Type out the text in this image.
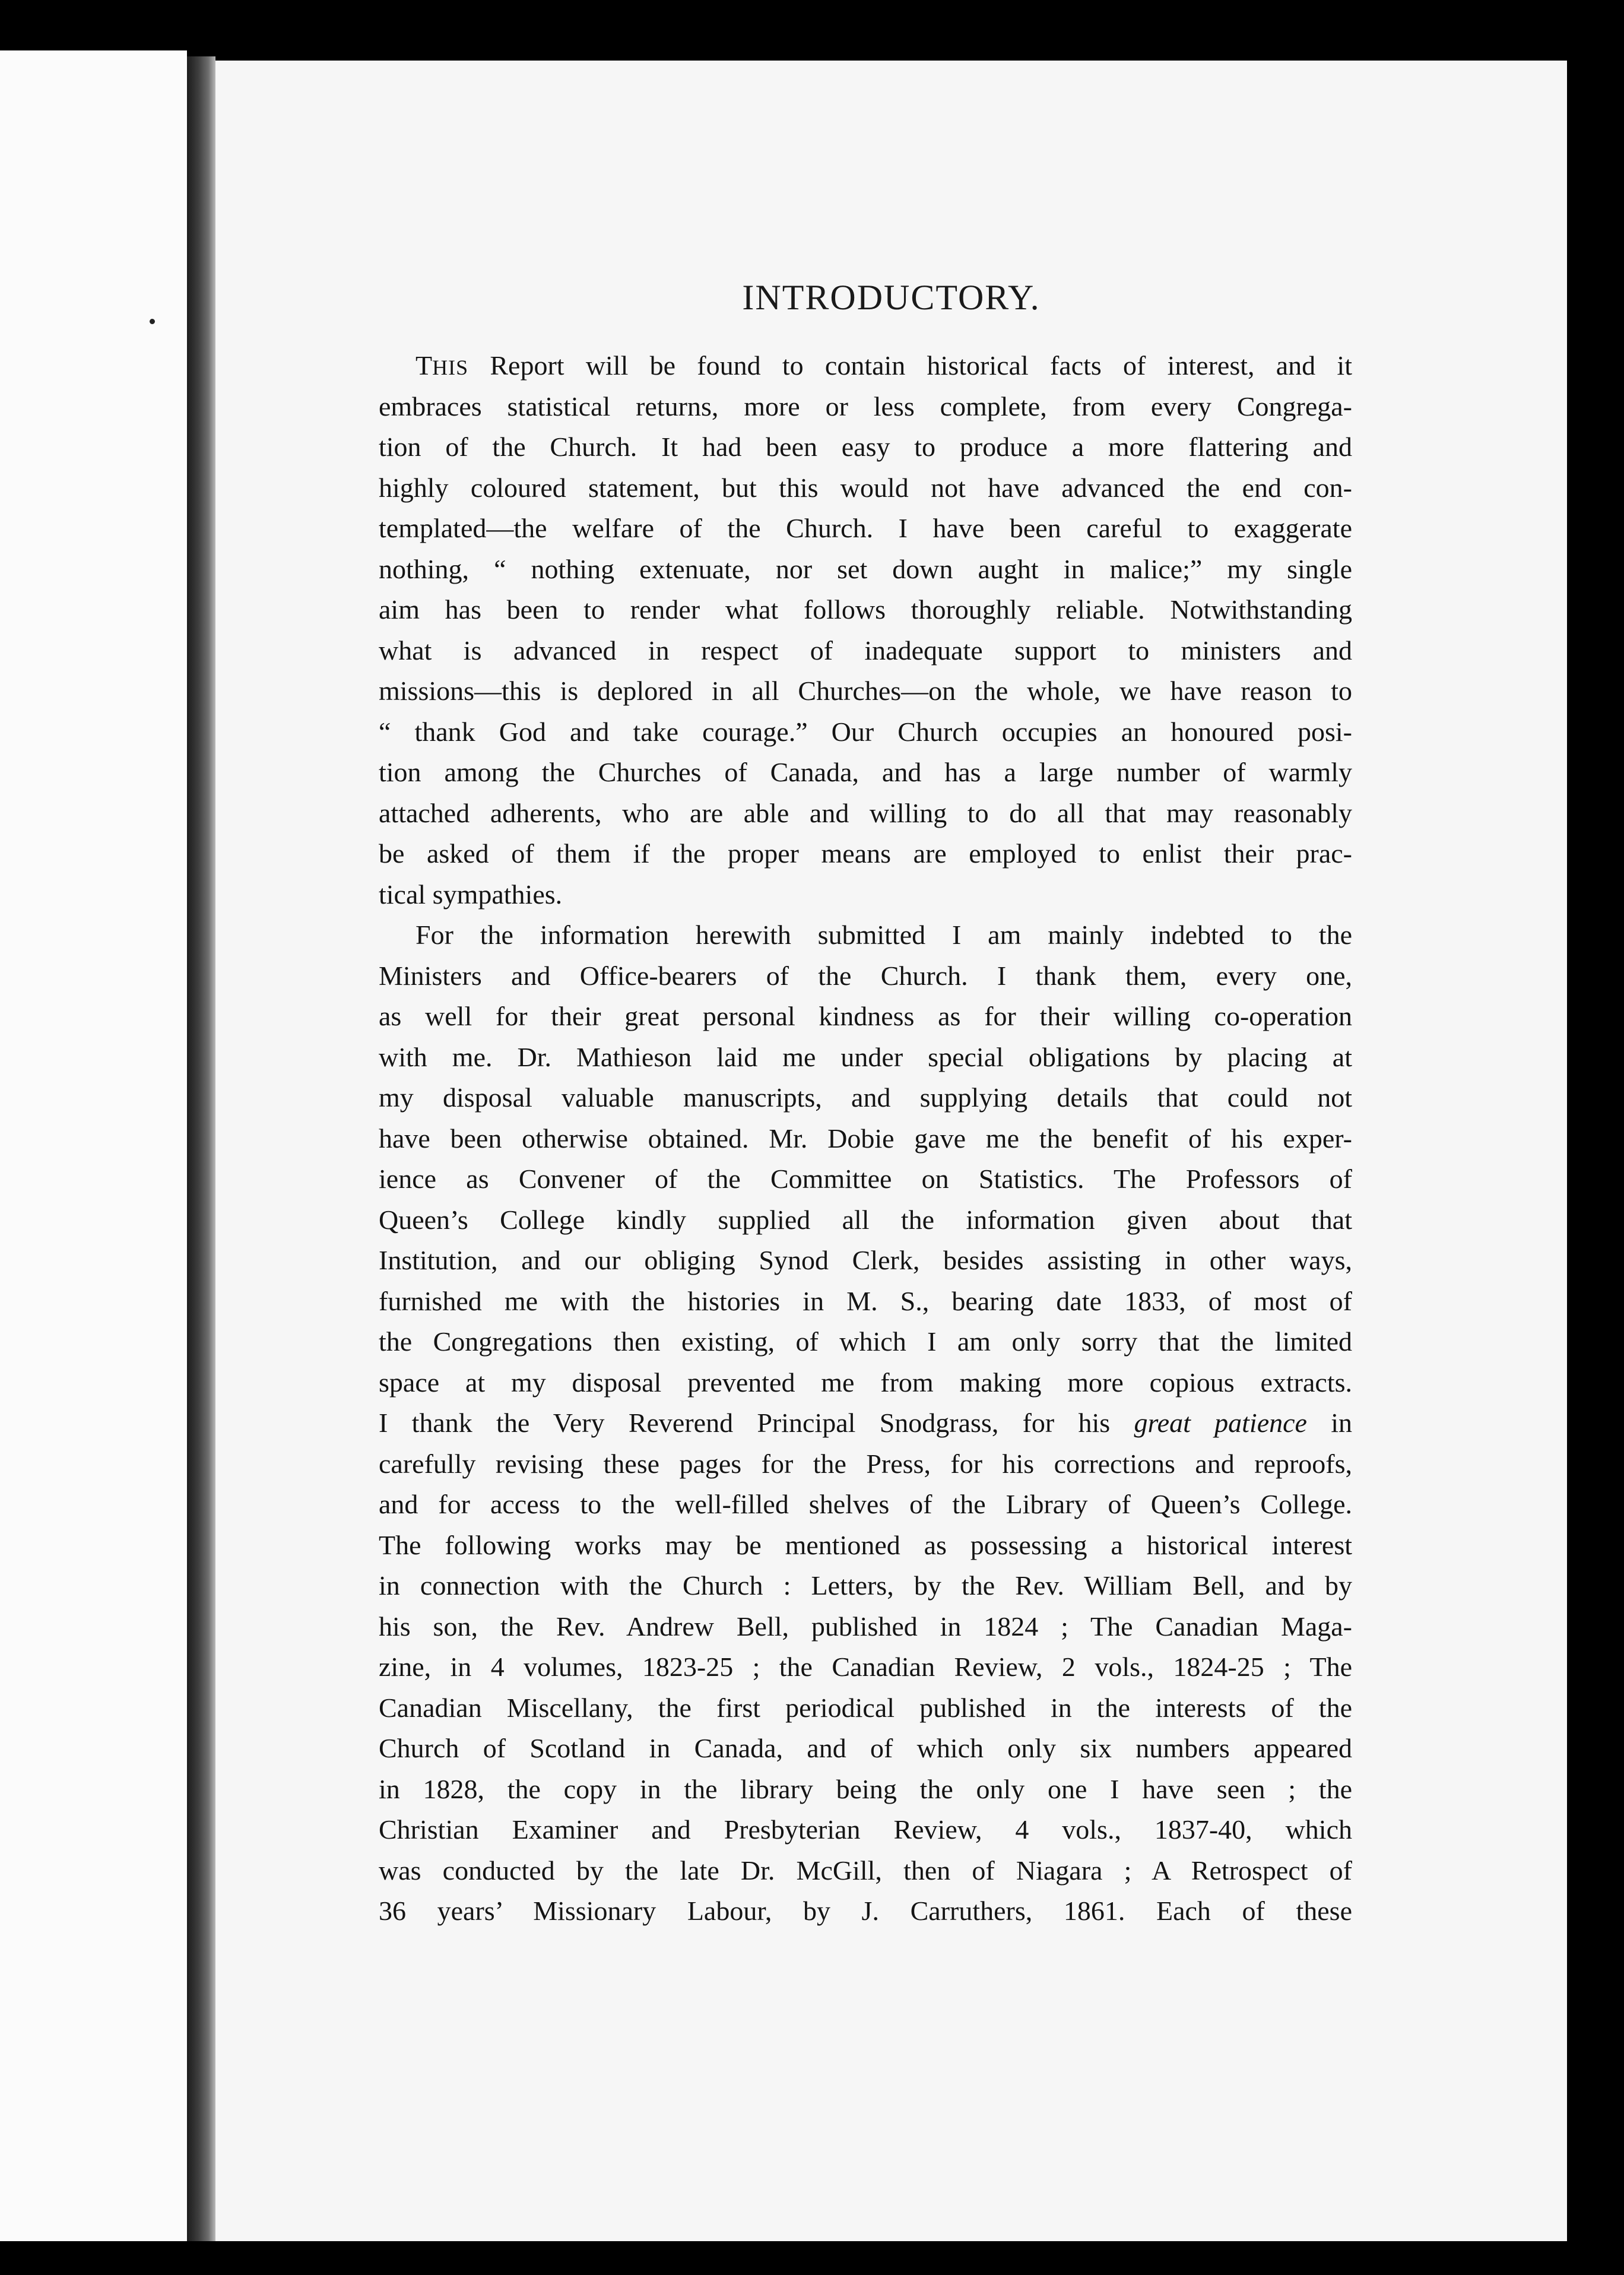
INTRODUCTORY.
THIS Report will be found to contain historical facts of interest, and it
embraces statistical returns, more or less complete, from every Congrega-
tion of the Church. It had been easy to produce a more flattering and
highly coloured statement, but this would not have advanced the end con-
templated—the welfare of the Church. I have been careful to exaggerate
nothing, “ nothing extenuate, nor set down aught in malice;” my single
aim has been to render what follows thoroughly reliable. Notwithstanding
what is advanced in respect of inadequate support to ministers and
missions—this is deplored in all Churches—on the whole, we have reason to
“ thank God and take courage.” Our Church occupies an honoured posi-
tion among the Churches of Canada, and has a large number of warmly
attached adherents, who are able and willing to do all that may reasonably
be asked of them if the proper means are employed to enlist their prac-
tical sympathies.
For the information herewith submitted I am mainly indebted to the
Ministers and Office-bearers of the Church. I thank them, every one,
as well for their great personal kindness as for their willing co-operation
with me. Dr. Mathieson laid me under special obligations by placing at
my disposal valuable manuscripts, and supplying details that could not
have been otherwise obtained. Mr. Dobie gave me the benefit of his exper-
ience as Convener of the Committee on Statistics. The Professors of
Queen’s College kindly supplied all the information given about that
Institution, and our obliging Synod Clerk, besides assisting in other ways,
furnished me with the histories in M. S., bearing date 1833, of most of
the Congregations then existing, of which I am only sorry that the limited
space at my disposal prevented me from making more copious extracts.
I thank the Very Reverend Principal Snodgrass, for his great patience in
carefully revising these pages for the Press, for his corrections and reproofs,
and for access to the well-filled shelves of the Library of Queen’s College.
The following works may be mentioned as possessing a historical interest
in connection with the Church : Letters, by the Rev. William Bell, and by
his son, the Rev. Andrew Bell, published in 1824 ; The Canadian Maga-
zine, in 4 volumes, 1823-25 ; the Canadian Review, 2 vols., 1824-25 ; The
Canadian Miscellany, the first periodical published in the interests of the
Church of Scotland in Canada, and of which only six numbers appeared
in 1828, the copy in the library being the only one I have seen ; the
Christian Examiner and Presbyterian Review, 4 vols., 1837-40, which
was conducted by the late Dr. McGill, then of Niagara ; A Retrospect of
36 years’ Missionary Labour, by J. Carruthers, 1861. Each of these
